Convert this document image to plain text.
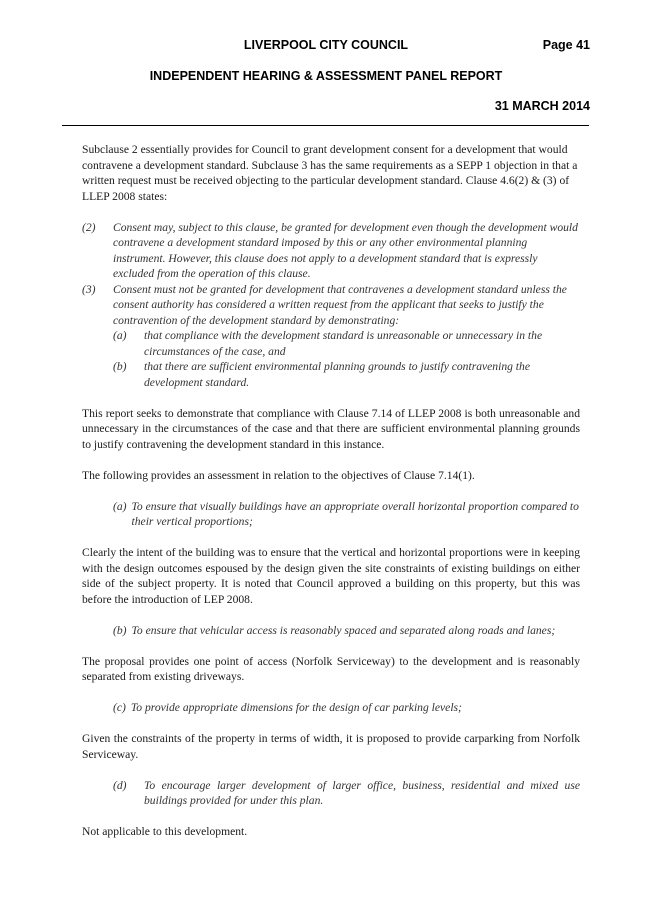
LIVERPOOL CITY COUNCIL	Page 41
INDEPENDENT HEARING & ASSESSMENT PANEL REPORT
31 MARCH 2014

Subclause 2 essentially provides for Council to grant development consent for a development that would contravene a development standard. Subclause 3 has the same requirements as a SEPP 1 objection in that a written request must be received objecting to the particular development standard. Clause 4.6(2) & (3) of LLEP 2008 states:

(2)	Consent may, subject to this clause, be granted for development even though the development would contravene a development standard imposed by this or any other environmental planning instrument. However, this clause does not apply to a development standard that is expressly excluded from the operation of this clause.
(3)	Consent must not be granted for development that contravenes a development standard unless the consent authority has considered a written request from the applicant that seeks to justify the contravention of the development standard by demonstrating:
(a)	that compliance with the development standard is unreasonable or unnecessary in the circumstances of the case, and
(b)	that there are sufficient environmental planning grounds to justify contravening the development standard.

This report seeks to demonstrate that compliance with Clause 7.14 of LLEP 2008 is both unreasonable and unnecessary in the circumstances of the case and that there are sufficient environmental planning grounds to justify contravening the development standard in this instance.

The following provides an assessment in relation to the objectives of Clause 7.14(1).

(a) To ensure that visually buildings have an appropriate overall horizontal proportion compared to their vertical proportions;

Clearly the intent of the building was to ensure that the vertical and horizontal proportions were in keeping with the design outcomes espoused by the design given the site constraints of existing buildings on either side of the subject property. It is noted that Council approved a building on this property, but this was before the introduction of LEP 2008.

(b) To ensure that vehicular access is reasonably spaced and separated along roads and lanes;

The proposal provides one point of access (Norfolk Serviceway) to the development and is reasonably separated from existing driveways.

(c) To provide appropriate dimensions for the design of car parking levels;

Given the constraints of the property in terms of width, it is proposed to provide carparking from Norfolk Serviceway.

(d)	To encourage larger development of larger office, business, residential and mixed use buildings provided for under this plan.

Not applicable to this development.
